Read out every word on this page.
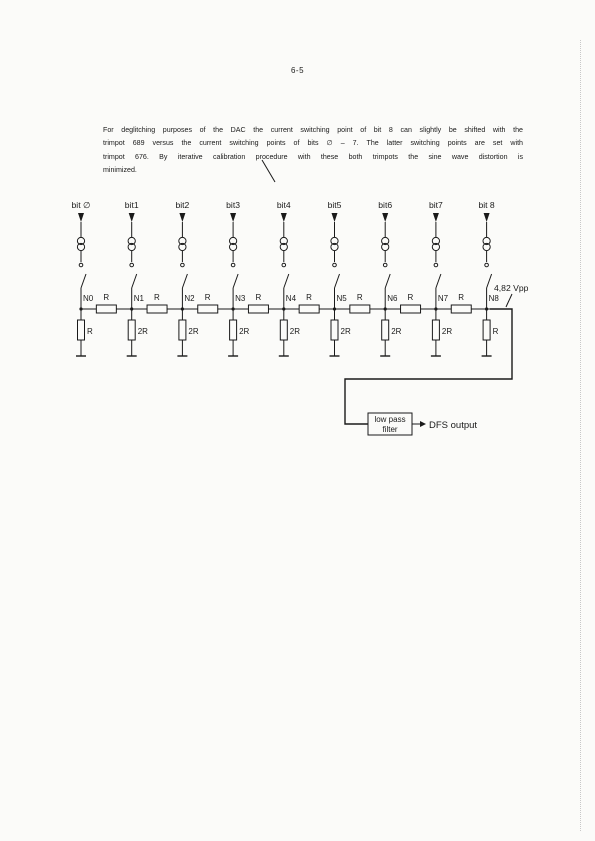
6-5
For deglitching purposes of the DAC the current switching point of bit 8 can slightly be shifted with the
trimpot 689 versus the current switching points of bits ∅ – 7. The latter switching points are set with
trimpot 676. By iterative calibration procedure with these both trimpots the sine wave distortion is
minimized.
bit ∅
N0
R
R
bit1
N1
2R
R
bit2
N2
2R
R
bit3
N3
2R
R
bit4
N4
2R
R
bit5
N5
2R
R
bit6
N6
2R
R
bit7
N7
2R
R
bit 8
N8
R
low pass
filter	DFS output
4,82 Vpp
